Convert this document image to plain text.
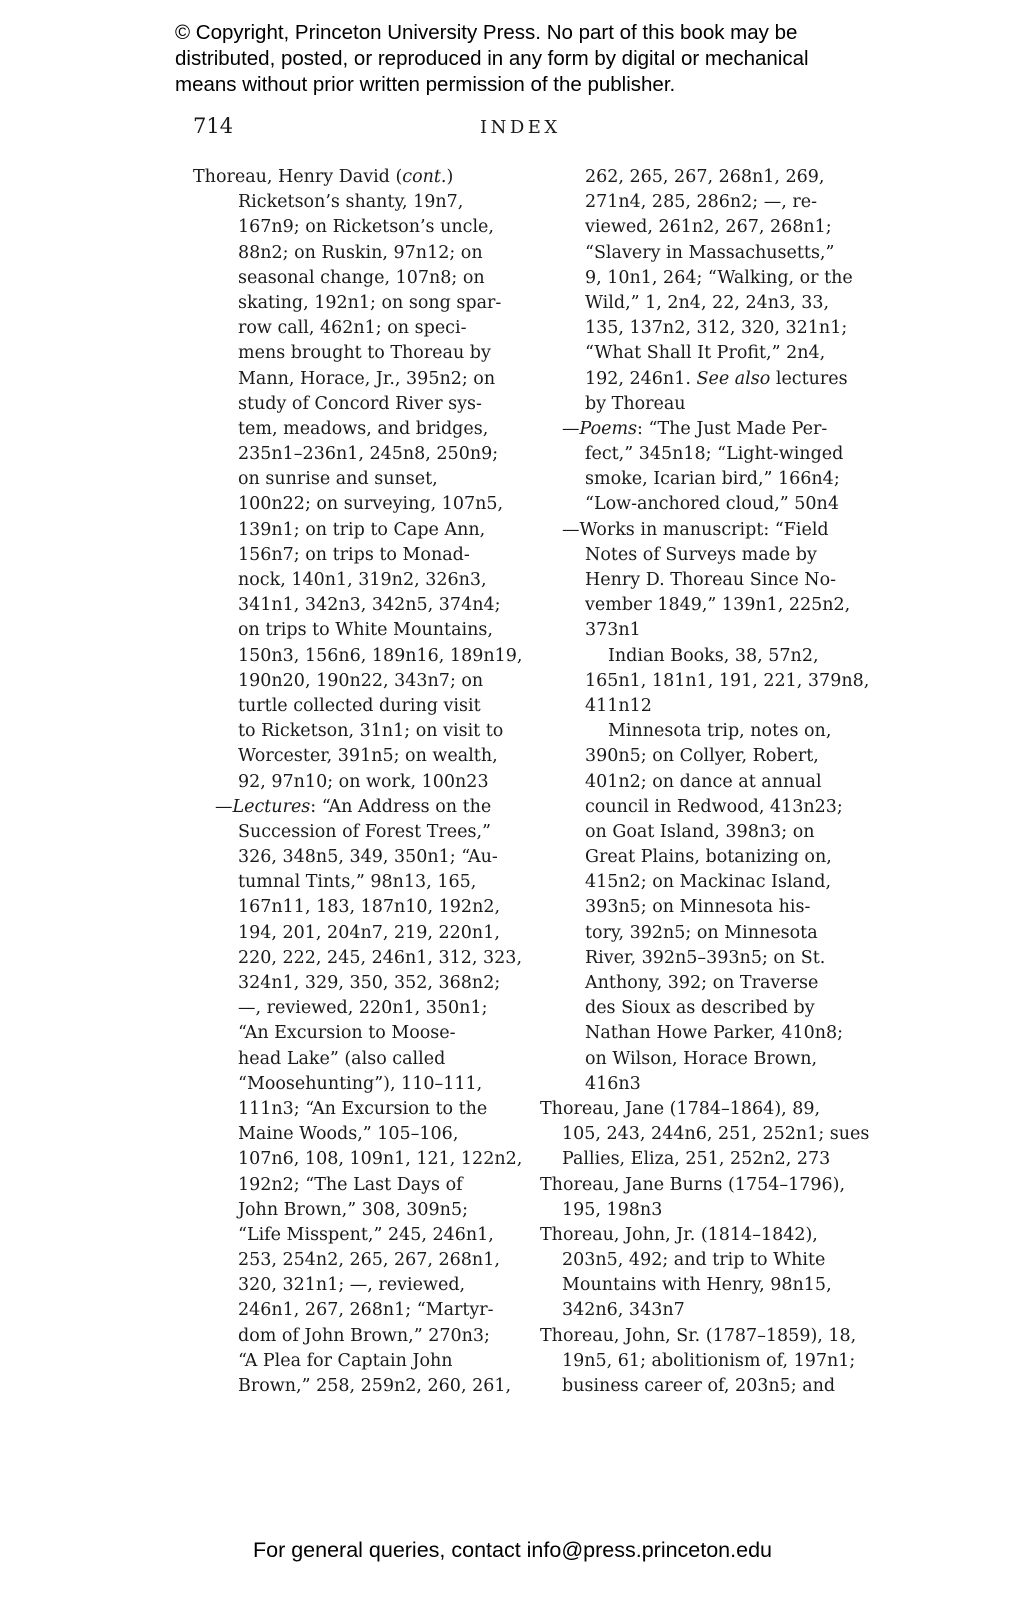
© Copyright, Princeton University Press. No part of this book may be
distributed, posted, or reproduced in any form by digital or mechanical
means without prior written permission of the publisher.
714	INDEX
Thoreau, Henry David (cont.)
Ricketson’s shanty, 19n7,
167n9; on Ricketson’s uncle,
88n2; on Ruskin, 97n12; on
seasonal change, 107n8; on
skating, 192n1; on song spar-
row call, 462n1; on speci-
mens brought to Thoreau by
Mann, Horace, Jr., 395n2; on
study of Concord River sys-
tem, meadows, and bridges,
235n1–236n1, 245n8, 250n9;
on sunrise and sunset,
100n22; on surveying, 107n5,
139n1; on trip to Cape Ann,
156n7; on trips to Monad-
nock, 140n1, 319n2, 326n3,
341n1, 342n3, 342n5, 374n4;
on trips to White Mountains,
150n3, 156n6, 189n16, 189n19,
190n20, 190n22, 343n7; on
turtle collected during visit
to Ricketson, 31n1; on visit to
Worcester, 391n5; on wealth,
92, 97n10; on work, 100n23
—Lectures: “An Address on the
Succession of Forest Trees,”
326, 348n5, 349, 350n1; “Au-
tumnal Tints,” 98n13, 165,
167n11, 183, 187n10, 192n2,
194, 201, 204n7, 219, 220n1,
220, 222, 245, 246n1, 312, 323,
324n1, 329, 350, 352, 368n2;
—, reviewed, 220n1, 350n1;
“An Excursion to Moose-
head Lake” (also called
“Moosehunting”), 110–111,
111n3; “An Excursion to the
Maine Woods,” 105–106,
107n6, 108, 109n1, 121, 122n2,
192n2; “The Last Days of
John Brown,” 308, 309n5;
“Life Misspent,” 245, 246n1,
253, 254n2, 265, 267, 268n1,
320, 321n1; —, reviewed,
246n1, 267, 268n1; “Martyr-
dom of John Brown,” 270n3;
“A Plea for Captain John
Brown,” 258, 259n2, 260, 261,
262, 265, 267, 268n1, 269,
271n4, 285, 286n2; —, re-
viewed, 261n2, 267, 268n1;
“Slavery in Massachusetts,”
9, 10n1, 264; “Walking, or the
Wild,” 1, 2n4, 22, 24n3, 33,
135, 137n2, 312, 320, 321n1;
“What Shall It Profit,” 2n4,
192, 246n1. See also lectures
by Thoreau
—Poems: “The Just Made Per-
fect,” 345n18; “Light-winged
smoke, Icarian bird,” 166n4;
“Low-anchored cloud,” 50n4
—Works in manuscript: “Field
Notes of Surveys made by
Henry D. Thoreau Since No-
vember 1849,” 139n1, 225n2,
373n1
Indian Books, 38, 57n2,
165n1, 181n1, 191, 221, 379n8,
411n12
Minnesota trip, notes on,
390n5; on Collyer, Robert,
401n2; on dance at annual
council in Redwood, 413n23;
on Goat Island, 398n3; on
Great Plains, botanizing on,
415n2; on Mackinac Island,
393n5; on Minnesota his-
tory, 392n5; on Minnesota
River, 392n5–393n5; on St.
Anthony, 392; on Traverse
des Sioux as described by
Nathan Howe Parker, 410n8;
on Wilson, Horace Brown,
416n3
Thoreau, Jane (1784–1864), 89,
105, 243, 244n6, 251, 252n1; sues
Pallies, Eliza, 251, 252n2, 273
Thoreau, Jane Burns (1754–1796),
195, 198n3
Thoreau, John, Jr. (1814–1842),
203n5, 492; and trip to White
Mountains with Henry, 98n15,
342n6, 343n7
Thoreau, John, Sr. (1787–1859), 18,
19n5, 61; abolitionism of, 197n1;
business career of, 203n5; and
For general queries, contact info@press.princeton.edu
